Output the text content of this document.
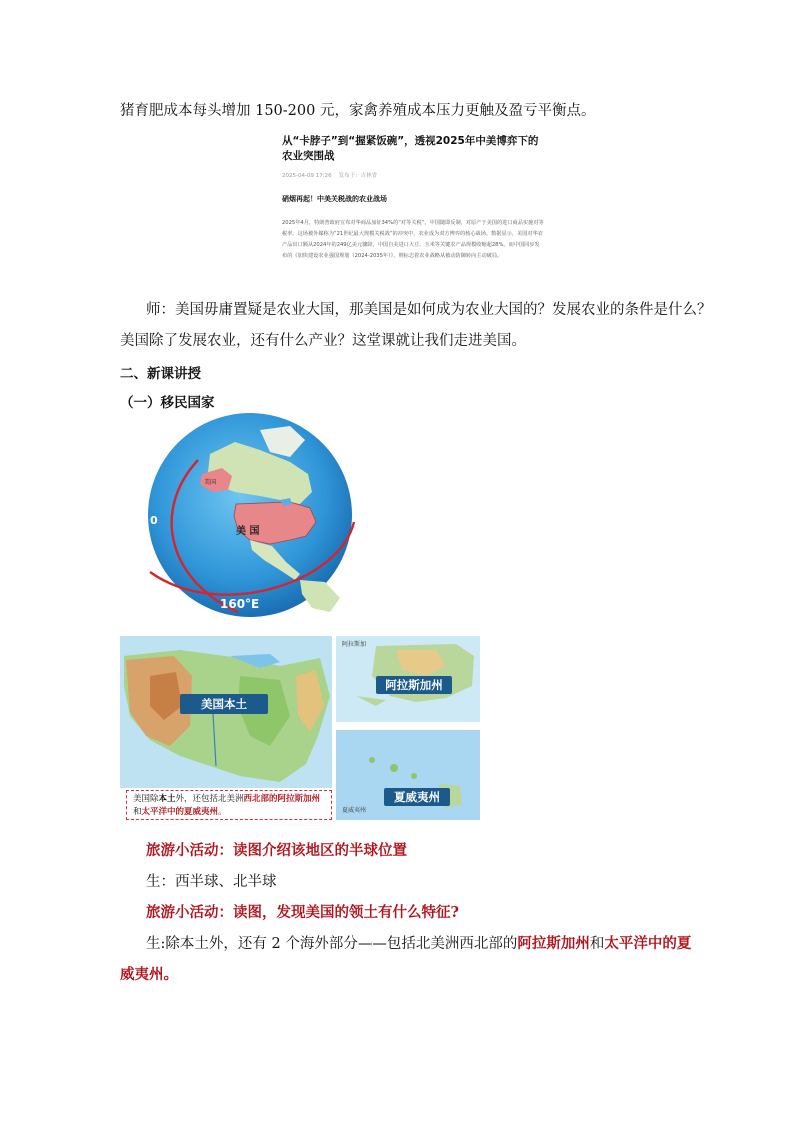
猪育肥成本每头增加 150-200 元，家禽养殖成本压力更触及盈亏平衡点。
从“卡脖子”到“握紧饭碗”，透视2025年中美博弈下的农业突围战
2025-04-09 17:26 发布于：吉林省
硝烟再起！中美关税战的农业战场
2025年4月，特朗普政府宣布对华商品加征34%的“对等关税”，中国随即反制，对原产于美国的进口商品实施对等税率。这场被外媒称为“21世纪最大规模关税战”的冲突中，农业成为双方博弈的核心战场。数据显示，美国对华农产品出口额从2024年的249亿美元骤降，中国自美进口大豆、玉米等关键农产品规模收缩超28%。而中国同步发布的《加快建设农业强国规划（2024-2035年）》，则标志着农业战略从被动防御转向主动破局。
师：美国毋庸置疑是农业大国，那美国是如何成为农业大国的？发展农业的条件是什么？
美国除了发展农业，还有什么产业？这堂课就让我们走进美国。
二、新课讲授
（一）移民国家
美 国
美国
0
160°E
美国本土
阿拉斯加
阿拉斯加州
夏威夷州
夏威夷州
美国除本土外，还包括北美洲西北部的阿拉斯加州和太平洋中的夏威夷州。
旅游小活动：读图介绍该地区的半球位置
生：西半球、北半球
旅游小活动：读图，发现美国的领土有什么特征?
生:除本土外，还有 2 个海外部分——包括北美洲西北部的阿拉斯加州和太平洋中的夏
威夷州。
